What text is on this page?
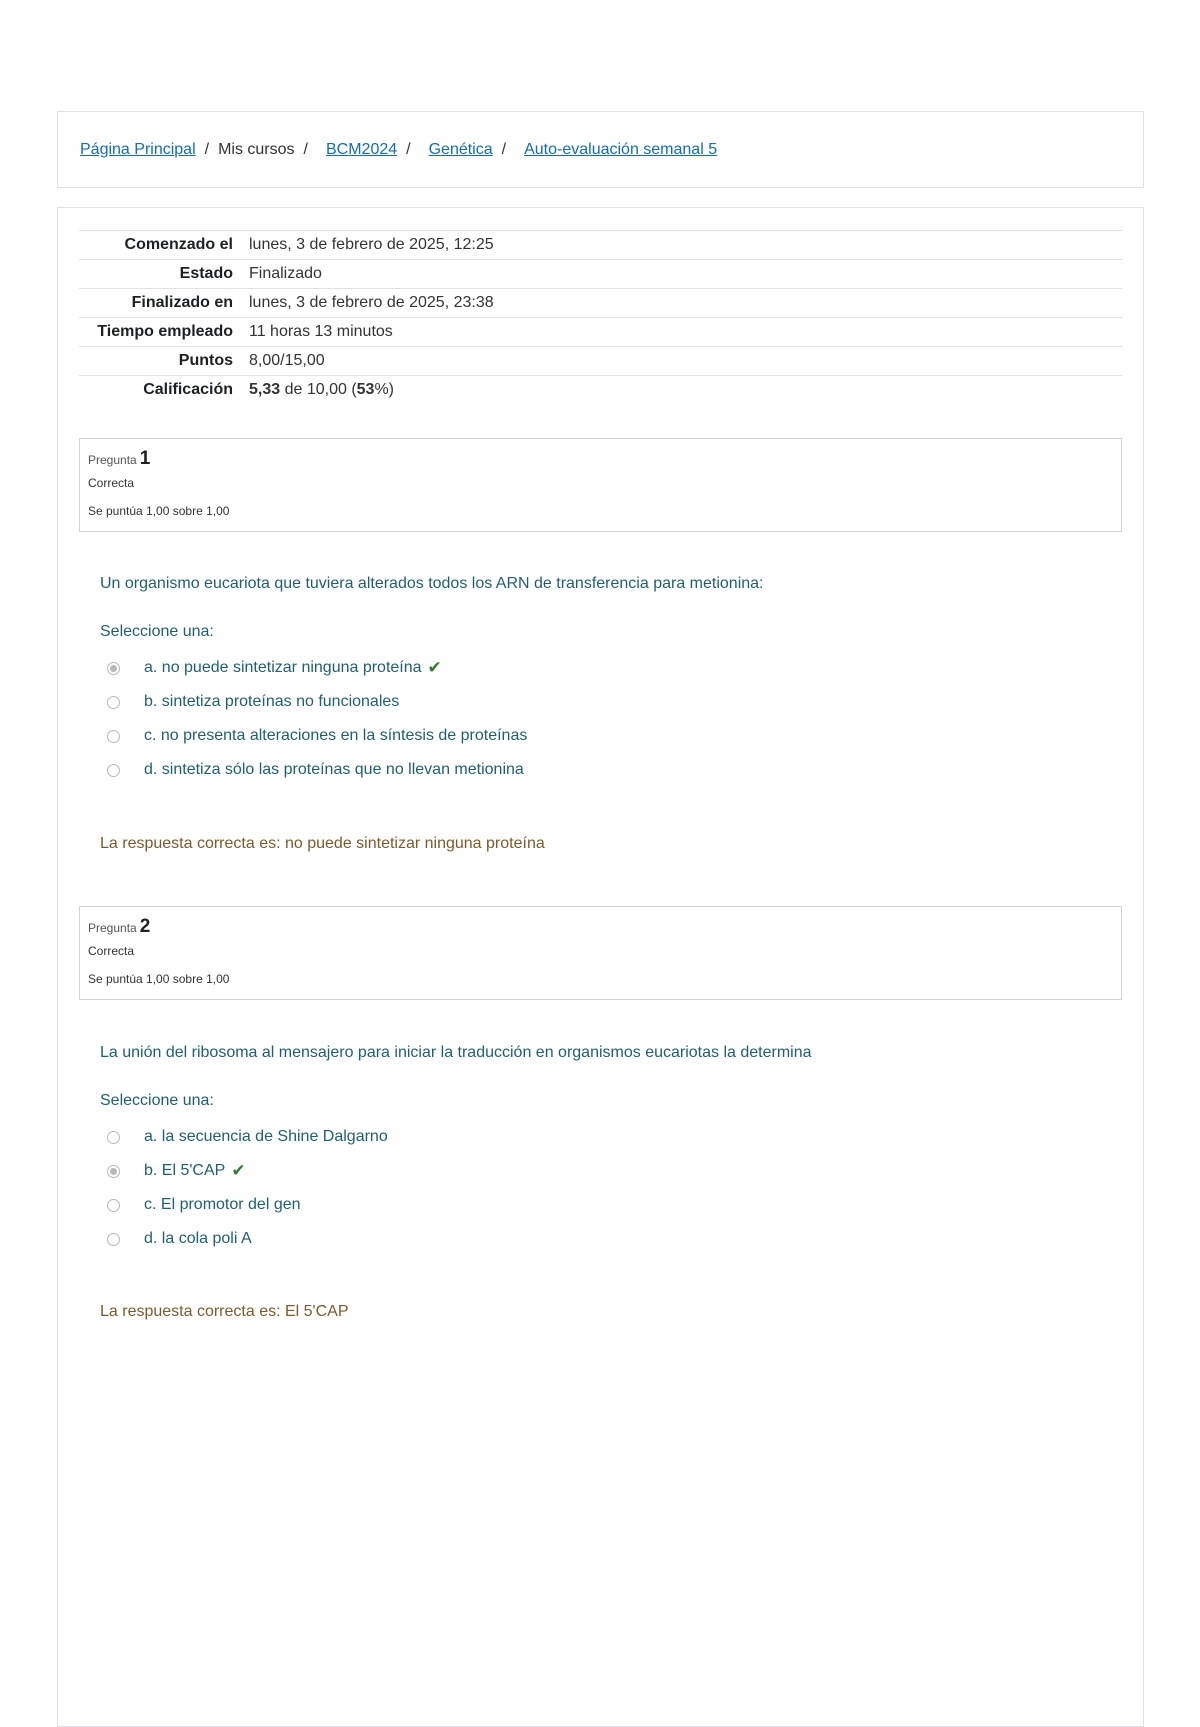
Página Principal / Mis cursos / BCM2024 / Genética / Auto-evaluación semanal 5
Comenzado el	lunes, 3 de febrero de 2025, 12:25
Estado	Finalizado
Finalizado en	lunes, 3 de febrero de 2025, 23:38
Tiempo empleado	11 horas 13 minutos
Puntos	8,00/15,00
Calificación	5,33 de 10,00 (53%)
Pregunta 1
Correcta
Se puntúa 1,00 sobre 1,00
Un organismo eucariota que tuviera alterados todos los ARN de transferencia para metionina:
Seleccione una:
a. no puede sintetizar ninguna proteína ✔
b. sintetiza proteínas no funcionales
c. no presenta alteraciones en la síntesis de proteínas
d. sintetiza sólo las proteínas que no llevan metionina
La respuesta correcta es: no puede sintetizar ninguna proteína
Pregunta 2
Correcta
Se puntúa 1,00 sobre 1,00
La unión del ribosoma al mensajero para iniciar la traducción en organismos eucariotas la determina
Seleccione una:
a. la secuencia de Shine Dalgarno
b. El 5'CAP ✔
c. El promotor del gen
d. la cola poli A
La respuesta correcta es: El 5'CAP
